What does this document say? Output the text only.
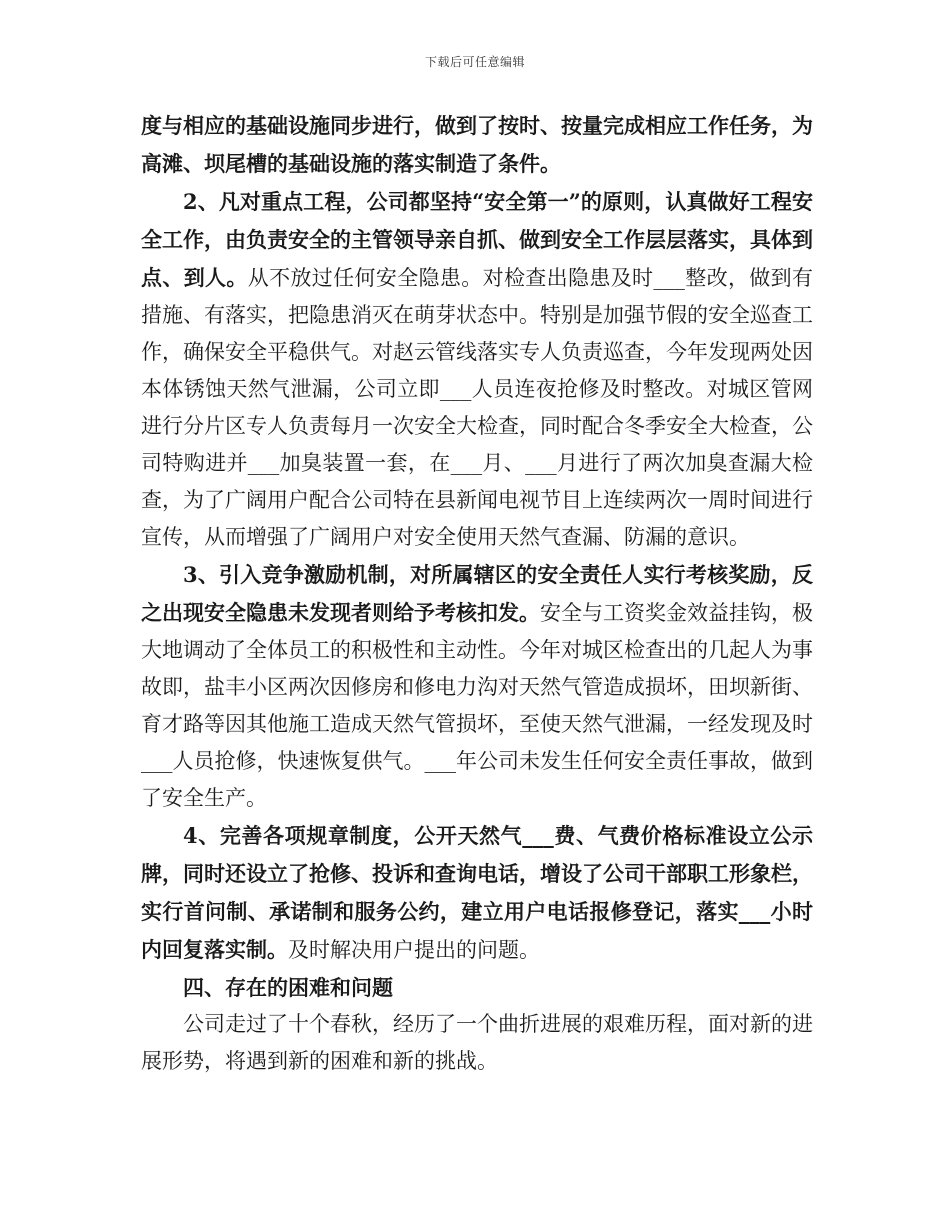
下载后可任意编辑

度与相应的基础设施同步进行，做到了按时、按量完成相应工作任务，为高滩、坝尾槽的基础设施的落实制造了条件。

2、凡对重点工程，公司都坚持“安全第一”的原则，认真做好工程安全工作，由负责安全的主管领导亲自抓、做到安全工作层层落实，具体到点、到人。从不放过任何安全隐患。对检查出隐患及时___整改，做到有措施、有落实，把隐患消灭在萌芽状态中。特别是加强节假的安全巡查工作，确保安全平稳供气。对赵云管线落实专人负责巡查，今年发现两处因本体锈蚀天然气泄漏，公司立即___人员连夜抢修及时整改。对城区管网进行分片区专人负责每月一次安全大检查，同时配合冬季安全大检查，公司特购进并___加臭装置一套，在___月、___月进行了两次加臭查漏大检查，为了广阔用户配合公司特在县新闻电视节目上连续两次一周时间进行宣传，从而增强了广阔用户对安全使用天然气查漏、防漏的意识。

3、引入竞争激励机制，对所属辖区的安全责任人实行考核奖励，反之出现安全隐患未发现者则给予考核扣发。安全与工资奖金效益挂钩，极大地调动了全体员工的积极性和主动性。今年对城区检查出的几起人为事故即，盐丰小区两次因修房和修电力沟对天然气管造成损坏，田坝新街、育才路等因其他施工造成天然气管损坏，至使天然气泄漏，一经发现及时___人员抢修，快速恢复供气。___年公司未发生任何安全责任事故，做到了安全生产。

4、完善各项规章制度，公开天然气___费、气费价格标准设立公示牌，同时还设立了抢修、投诉和查询电话，增设了公司干部职工形象栏，实行首问制、承诺制和服务公约，建立用户电话报修登记，落实___小时内回复落实制。及时解决用户提出的问题。

四、存在的困难和问题

公司走过了十个春秋，经历了一个曲折进展的艰难历程，面对新的进展形势，将遇到新的困难和新的挑战。
